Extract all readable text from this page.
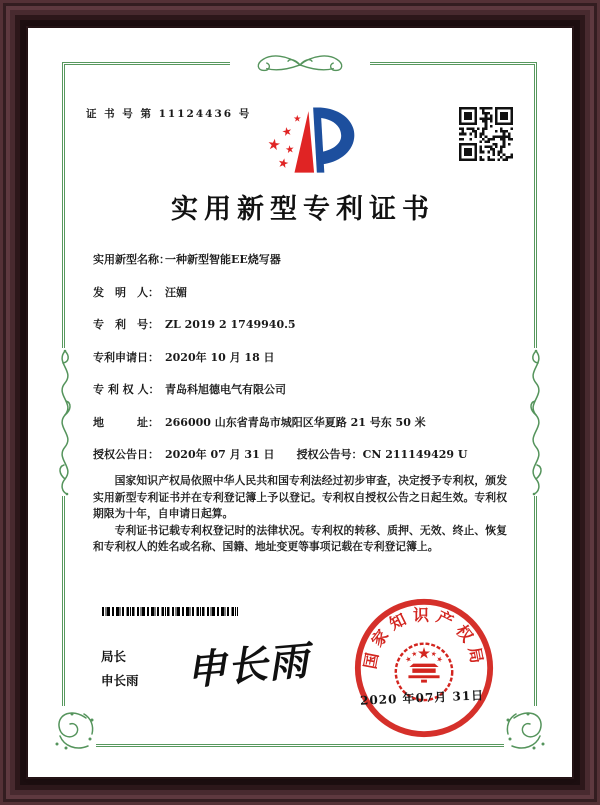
证 书 号 第 11124436 号
实用新型专利证书
实用新型名称：
一种新型智能EE烧写器
发　明　人： 汪媚
专　利　号： ZL 2019 2 1749940.5
专利申请日： 2020年 10 月 18 日
专 利 权 人： 青岛科旭德电气有限公司
地　　　址： 266000 山东省青岛市城阳区华夏路 21 号东 50 米
授权公告日： 2020年 07 月 31 日 授权公告号： CN 211149429 U

国家知识产权局依照中华人民共和国专利法经过初步审查，决定授予专利权，颁发实用新型专利证书并在专利登记簿上予以登记。专利权自授权公告之日起生效。专利权期限为十年，自申请日起算。

专利证书记载专利权登记时的法律状况。专利权的转移、质押、无效、终止、恢复和专利权人的姓名或名称、国籍、地址变更等事项记载在专利登记簿上。

局长
申长雨 申长雨	国家知识产权局
2020 年07月 31日
